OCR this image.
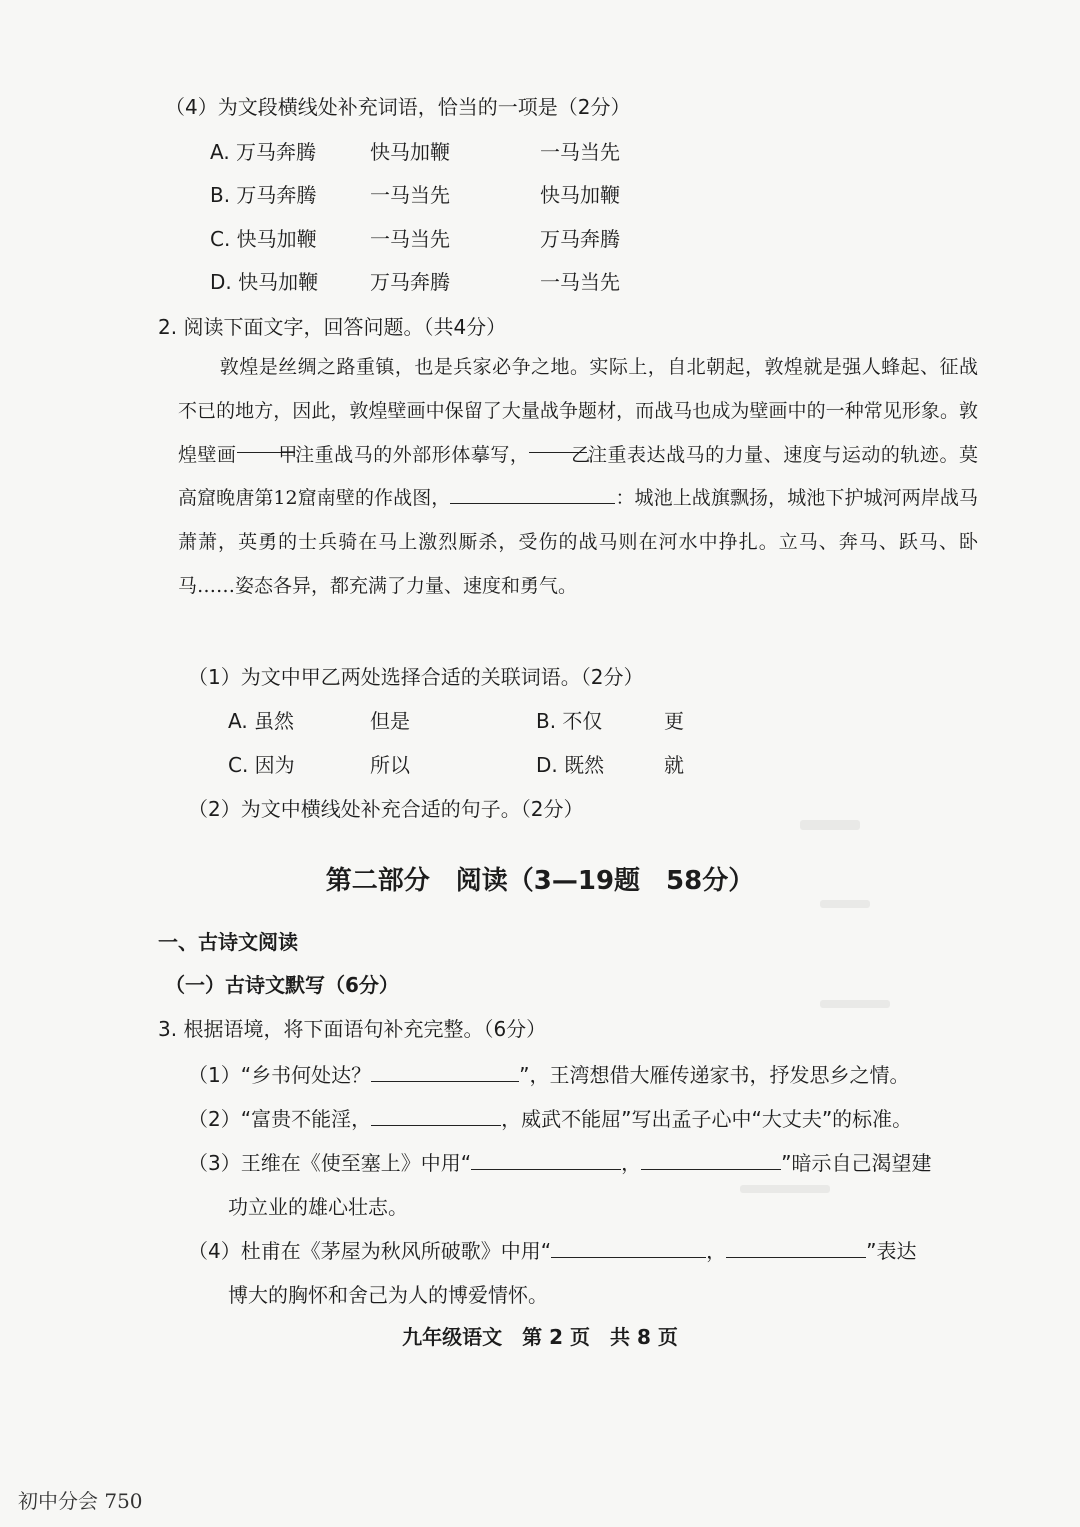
（4）为文段横线处补充词语，恰当的一项是（2分）
A. 万马奔腾	快马加鞭	一马当先
B. 万马奔腾	一马当先	快马加鞭
C. 快马加鞭	一马当先	万马奔腾
D. 快马加鞭	万马奔腾	一马当先
2. 阅读下面文字，回答问题。（共4分）

敦煌是丝绸之路重镇，也是兵家必争之地。实际上，自北朝起，敦煌就是强人蜂起、征战不已的地方，因此，敦煌壁画中保留了大量战争题材，而战马也成为壁画中的一种常见形象。敦煌壁画 甲注重战马的外部形体摹写， 乙注重表达战马的力量、速度与运动的轨迹。莫高窟晚唐第12窟南壁的作战图，	：城池上战旗飘扬，城池下护城河两岸战马萧萧，英勇的士兵骑在马上激烈厮杀，受伤的战马则在河水中挣扎。立马、奔马、跃马、卧马……姿态各异，都充满了力量、速度和勇气。

（1）为文中甲乙两处选择合适的关联词语。（2分）
A. 虽然	但是	B. 不仅	更
C. 因为	所以	D. 既然	就
（2）为文中横线处补充合适的句子。（2分）
第二部分　阅读（3—19题　58分）
一、古诗文阅读
（一）古诗文默写（6分）
3. 根据语境，将下面语句补充完整。（6分）
（1）“乡书何处达？	”，王湾想借大雁传递家书，抒发思乡之情。
（2）“富贵不能淫，	，威武不能屈”写出孟子心中“大丈夫”的标准。
（3）王维在《使至塞上》中用“	，	”暗示自己渴望建
功立业的雄心壮志。
（4）杜甫在《茅屋为秋风所破歌》中用“	，	”表达
博大的胸怀和舍己为人的博爱情怀。
九年级语文　第 2 页　共 8 页
初中分会 750
